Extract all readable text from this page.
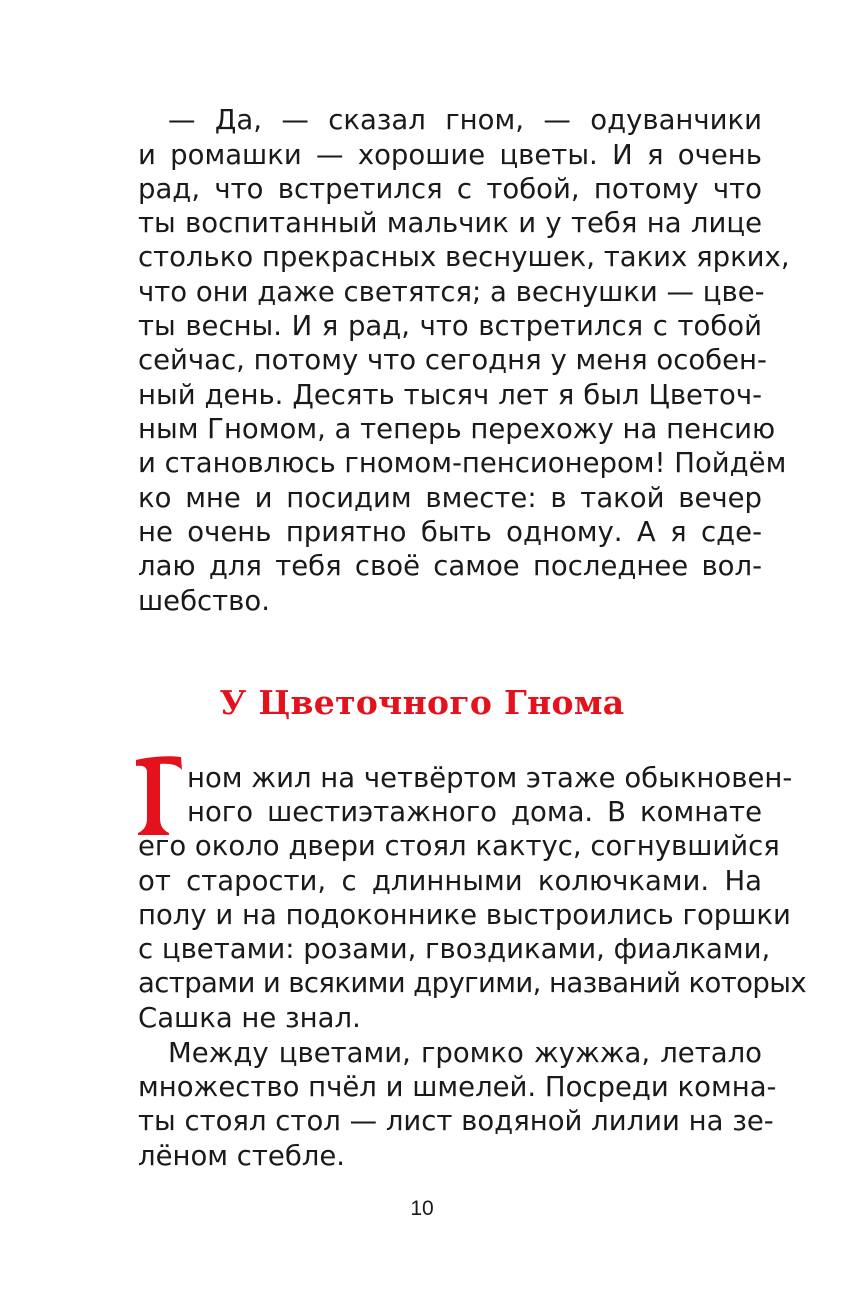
— Да, — сказал гном, — одуванчики
и ромашки — хорошие цветы. И я очень
рад, что встретился с тобой, потому что
ты воспитанный мальчик и у тебя на лице
столько прекрасных веснушек, таких ярких,
что они даже светятся; а веснушки — цве-
ты весны. И я рад, что встретился с тобой
сейчас, потому что сегодня у меня особен-
ный день. Десять тысяч лет я был Цветоч-
ным Гномом, а теперь перехожу на пенсию
и становлюсь гномом-пенсионером! Пойдём
ко мне и посидим вместе: в такой вечер
не очень приятно быть одному. А я сде-
лаю для тебя своё самое последнее вол-
шебство.
У Цветочного Гнома
ном жил на четвёртом этаже обыкновен-
ного шестиэтажного дома. В комнате
его около двери стоял кактус, согнувшийся
от старости, с длинными колючками. На
полу и на подоконнике выстроились горшки
с цветами: розами, гвоздиками, фиалками,
астрами и всякими другими, названий которых
Сашка не знал.
Между цветами, громко жужжа, летало
множество пчёл и шмелей. Посреди комна-
ты стоял стол — лист водяной лилии на зе-
лёном стебле.
10
